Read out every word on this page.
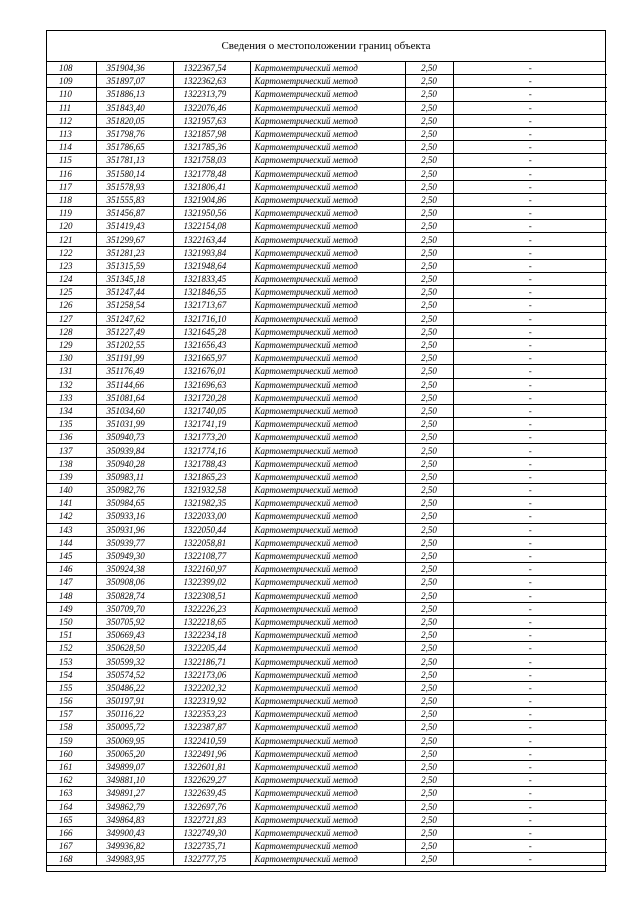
Сведения о местоположении границ объекта
108	351904,36	1322367,54	Картометрический метод	2,50	-
109	351897,07	1322362,63	Картометрический метод	2,50	-
110	351886,13	1322313,79	Картометрический метод	2,50	-
111	351843,40	1322076,46	Картометрический метод	2,50	-
112	351820,05	1321957,63	Картометрический метод	2,50	-
113	351798,76	1321857,98	Картометрический метод	2,50	-
114	351786,65	1321785,36	Картометрический метод	2,50	-
115	351781,13	1321758,03	Картометрический метод	2,50	-
116	351580,14	1321778,48	Картометрический метод	2,50	-
117	351578,93	1321806,41	Картометрический метод	2,50	-
118	351555,83	1321904,86	Картометрический метод	2,50	-
119	351456,87	1321950,56	Картометрический метод	2,50	-
120	351419,43	1322154,08	Картометрический метод	2,50	-
121	351299,67	1322163,44	Картометрический метод	2,50	-
122	351281,23	1321993,84	Картометрический метод	2,50	-
123	351315,59	1321948,64	Картометрический метод	2,50	-
124	351345,18	1321833,45	Картометрический метод	2,50	-
125	351247,44	1321846,55	Картометрический метод	2,50	-
126	351258,54	1321713,67	Картометрический метод	2,50	-
127	351247,62	1321716,10	Картометрический метод	2,50	-
128	351227,49	1321645,28	Картометрический метод	2,50	-
129	351202,55	1321656,43	Картометрический метод	2,50	-
130	351191,99	1321665,97	Картометрический метод	2,50	-
131	351176,49	1321676,01	Картометрический метод	2,50	-
132	351144,66	1321696,63	Картометрический метод	2,50	-
133	351081,64	1321720,28	Картометрический метод	2,50	-
134	351034,60	1321740,05	Картометрический метод	2,50	-
135	351031,99	1321741,19	Картометрический метод	2,50	-
136	350940,73	1321773,20	Картометрический метод	2,50	-
137	350939,84	1321774,16	Картометрический метод	2,50	-
138	350940,28	1321788,43	Картометрический метод	2,50	-
139	350983,11	1321865,23	Картометрический метод	2,50	-
140	350982,76	1321932,58	Картометрический метод	2,50	-
141	350984,65	1321982,35	Картометрический метод	2,50	-
142	350933,16	1322033,00	Картометрический метод	2,50	-
143	350931,96	1322050,44	Картометрический метод	2,50	-
144	350939,77	1322058,81	Картометрический метод	2,50	-
145	350949,30	1322108,77	Картометрический метод	2,50	-
146	350924,38	1322160,97	Картометрический метод	2,50	-
147	350908,06	1322399,02	Картометрический метод	2,50	-
148	350828,74	1322308,51	Картометрический метод	2,50	-
149	350709,70	1322226,23	Картометрический метод	2,50	-
150	350705,92	1322218,65	Картометрический метод	2,50	-
151	350669,43	1322234,18	Картометрический метод	2,50	-
152	350628,50	1322205,44	Картометрический метод	2,50	-
153	350599,32	1322186,71	Картометрический метод	2,50	-
154	350574,52	1322173,06	Картометрический метод	2,50	-
155	350486,22	1322202,32	Картометрический метод	2,50	-
156	350197,91	1322319,92	Картометрический метод	2,50	-
157	350116,22	1322353,23	Картометрический метод	2,50	-
158	350095,72	1322387,87	Картометрический метод	2,50	-
159	350069,95	1322410,59	Картометрический метод	2,50	-
160	350065,20	1322491,96	Картометрический метод	2,50	-
161	349899,07	1322601,81	Картометрический метод	2,50	-
162	349881,10	1322629,27	Картометрический метод	2,50	-
163	349891,27	1322639,45	Картометрический метод	2,50	-
164	349862,79	1322697,76	Картометрический метод	2,50	-
165	349864,83	1322721,83	Картометрический метод	2,50	-
166	349900,43	1322749,30	Картометрический метод	2,50	-
167	349936,82	1322735,71	Картометрический метод	2,50	-
168	349983,95	1322777,75	Картометрический метод	2,50	-
